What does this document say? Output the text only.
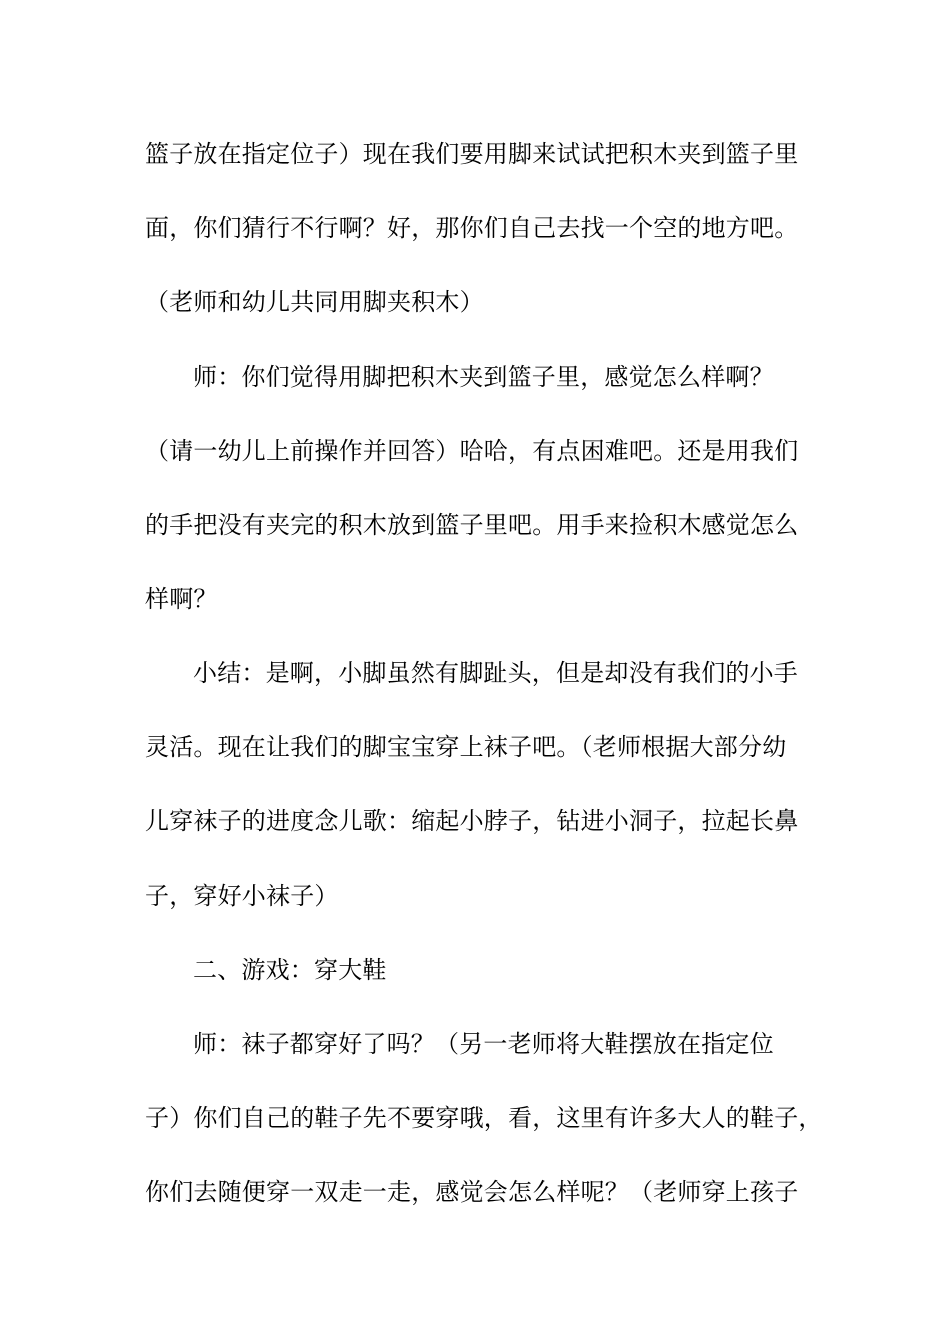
篮子放在指定位子）现在我们要用脚来试试把积木夹到篮子里
面，你们猜行不行啊？好，那你们自己去找一个空的地方吧。
（老师和幼儿共同用脚夹积木）
师：你们觉得用脚把积木夹到篮子里，感觉怎么样啊？
（请一幼儿上前操作并回答）哈哈，有点困难吧。还是用我们
的手把没有夹完的积木放到篮子里吧。用手来捡积木感觉怎么
样啊？
小结：是啊，小脚虽然有脚趾头，但是却没有我们的小手
灵活。现在让我们的脚宝宝穿上袜子吧。（老师根据大部分幼
儿穿袜子的进度念儿歌：缩起小脖子，钻进小洞子，拉起长鼻
子，穿好小袜子）
二、游戏：穿大鞋
师：袜子都穿好了吗？（另一老师将大鞋摆放在指定位
子）你们自己的鞋子先不要穿哦，看，这里有许多大人的鞋子，
你们去随便穿一双走一走，感觉会怎么样呢？（老师穿上孩子
